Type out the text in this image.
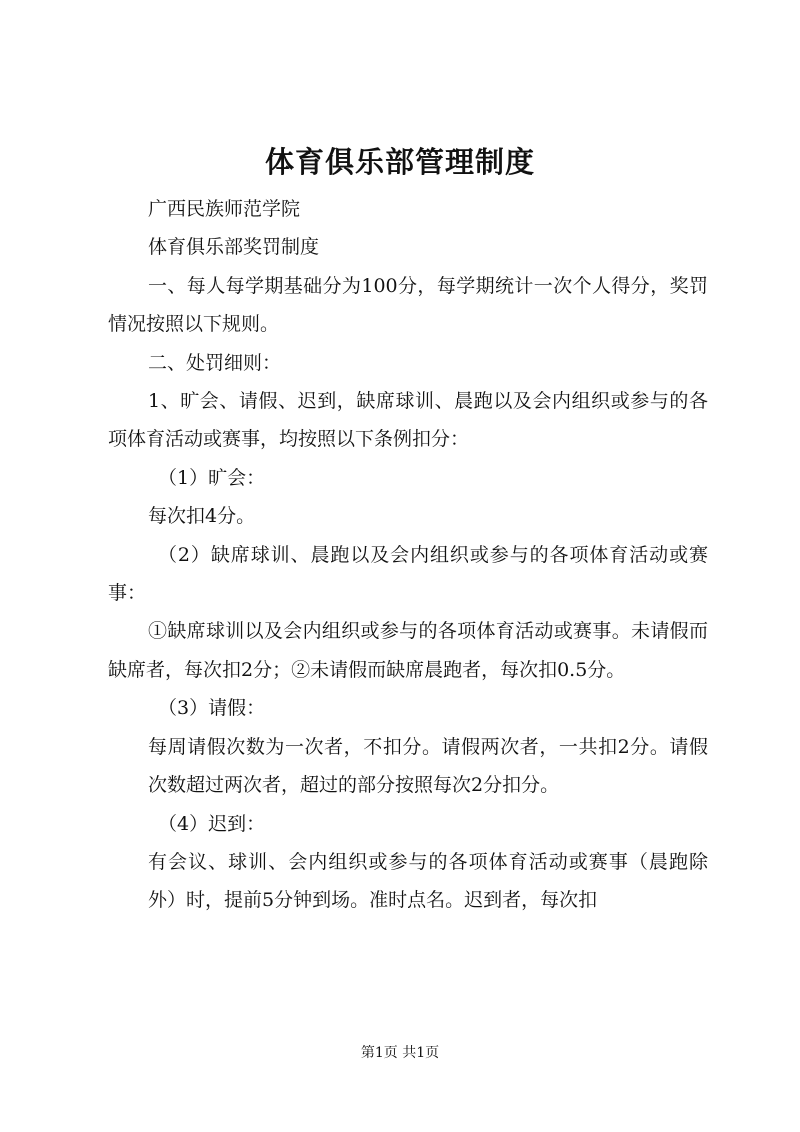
体育俱乐部管理制度

广西民族师范学院

体育俱乐部奖罚制度

一、每人每学期基础分为100分，每学期统计一次个人得分，奖罚情况按照以下规则。

二、处罚细则：

1、旷会、请假、迟到，缺席球训、晨跑以及会内组织或参与的各项体育活动或赛事，均按照以下条例扣分：

（1）旷会：

每次扣4分。

（2）缺席球训、晨跑以及会内组织或参与的各项体育活动或赛事：

①缺席球训以及会内组织或参与的各项体育活动或赛事。未请假而缺席者，每次扣2分；②未请假而缺席晨跑者，每次扣0.5分。

（3）请假：

每周请假次数为一次者，不扣分。请假两次者，一共扣2分。请假次数超过两次者，超过的部分按照每次2分扣分。

（4）迟到：

有会议、球训、会内组织或参与的各项体育活动或赛事（晨跑除外）时，提前5分钟到场。准时点名。迟到者，每次扣

第1页 共1页
